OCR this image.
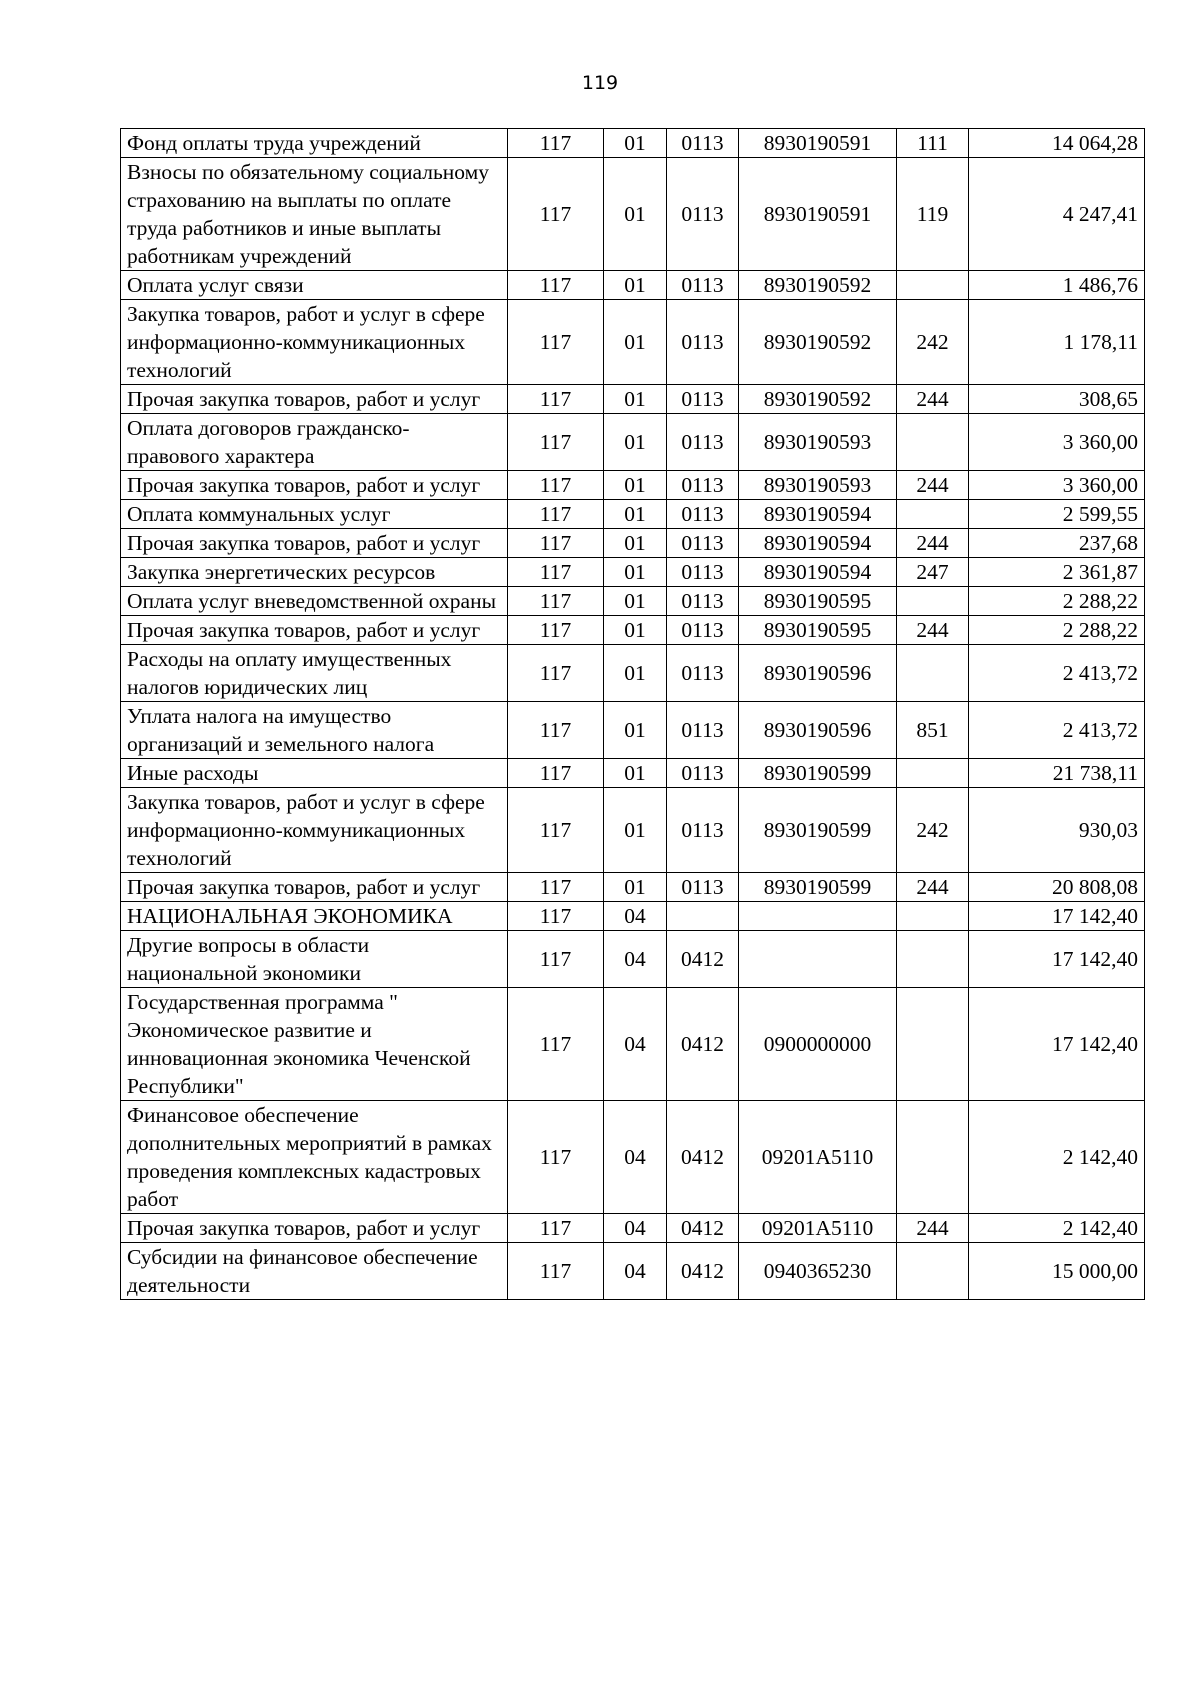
119
Фонд оплаты труда учреждений	117	01	0113	8930190591	111	14 064,28
Взносы по обязательному социальному страхованию на выплаты по оплате труда работников и иные выплаты работникам учреждений	117	01	0113	8930190591	119	4 247,41
Оплата услуг связи	117	01	0113	8930190592		1 486,76
Закупка товаров, работ и услуг в сфере информационно-коммуникационных технологий	117	01	0113	8930190592	242	1 178,11
Прочая закупка товаров, работ и услуг	117	01	0113	8930190592	244	308,65
Оплата договоров гражданско-правового характера	117	01	0113	8930190593		3 360,00
Прочая закупка товаров, работ и услуг	117	01	0113	8930190593	244	3 360,00
Оплата коммунальных услуг	117	01	0113	8930190594		2 599,55
Прочая закупка товаров, работ и услуг	117	01	0113	8930190594	244	237,68
Закупка энергетических ресурсов	117	01	0113	8930190594	247	2 361,87
Оплата услуг вневедомственной охраны	117	01	0113	8930190595		2 288,22
Прочая закупка товаров, работ и услуг	117	01	0113	8930190595	244	2 288,22
Расходы на оплату имущественных налогов юридических лиц	117	01	0113	8930190596		2 413,72
Уплата налога на имущество организаций и земельного налога	117	01	0113	8930190596	851	2 413,72
Иные расходы	117	01	0113	8930190599		21 738,11
Закупка товаров, работ и услуг в сфере информационно-коммуникационных технологий	117	01	0113	8930190599	242	930,03
Прочая закупка товаров, работ и услуг	117	01	0113	8930190599	244	20 808,08
НАЦИОНАЛЬНАЯ ЭКОНОМИКА	117	04				17 142,40
Другие вопросы в области национальной экономики	117	04	0412			17 142,40
Государственная программа " Экономическое развитие и инновационная экономика Чеченской Республики"	117	04	0412	0900000000		17 142,40
Финансовое обеспечение дополнительных мероприятий в рамках проведения комплексных кадастровых работ	117	04	0412	09201A5110		2 142,40
Прочая закупка товаров, работ и услуг	117	04	0412	09201A5110	244	2 142,40
Субсидии на финансовое обеспечение деятельности	117	04	0412	0940365230		15 000,00
